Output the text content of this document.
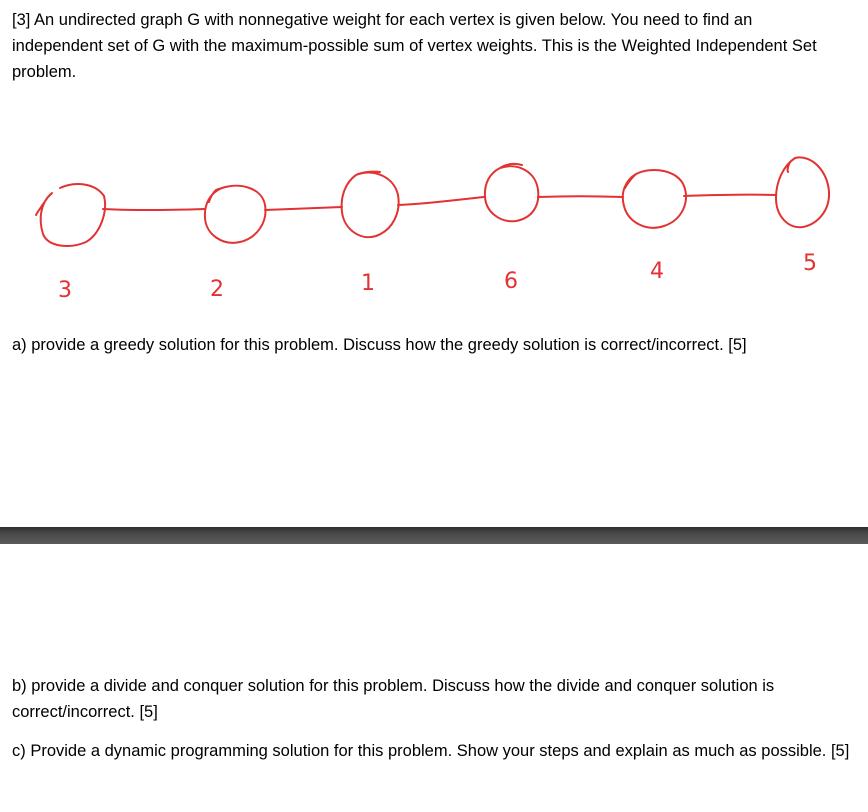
[3] An undirected graph G with nonnegative weight for each vertex is given below. You need to find an independent set of G with the maximum-possible sum of vertex weights. This is the Weighted Independent Set problem.

3	2	1	6	4	5

a) provide a greedy solution for this problem. Discuss how the greedy solution is correct/incorrect. [5]

b) provide a divide and conquer solution for this problem. Discuss how the divide and conquer solution is correct/incorrect. [5]

c) Provide a dynamic programming solution for this problem. Show your steps and explain as much as possible. [5]
